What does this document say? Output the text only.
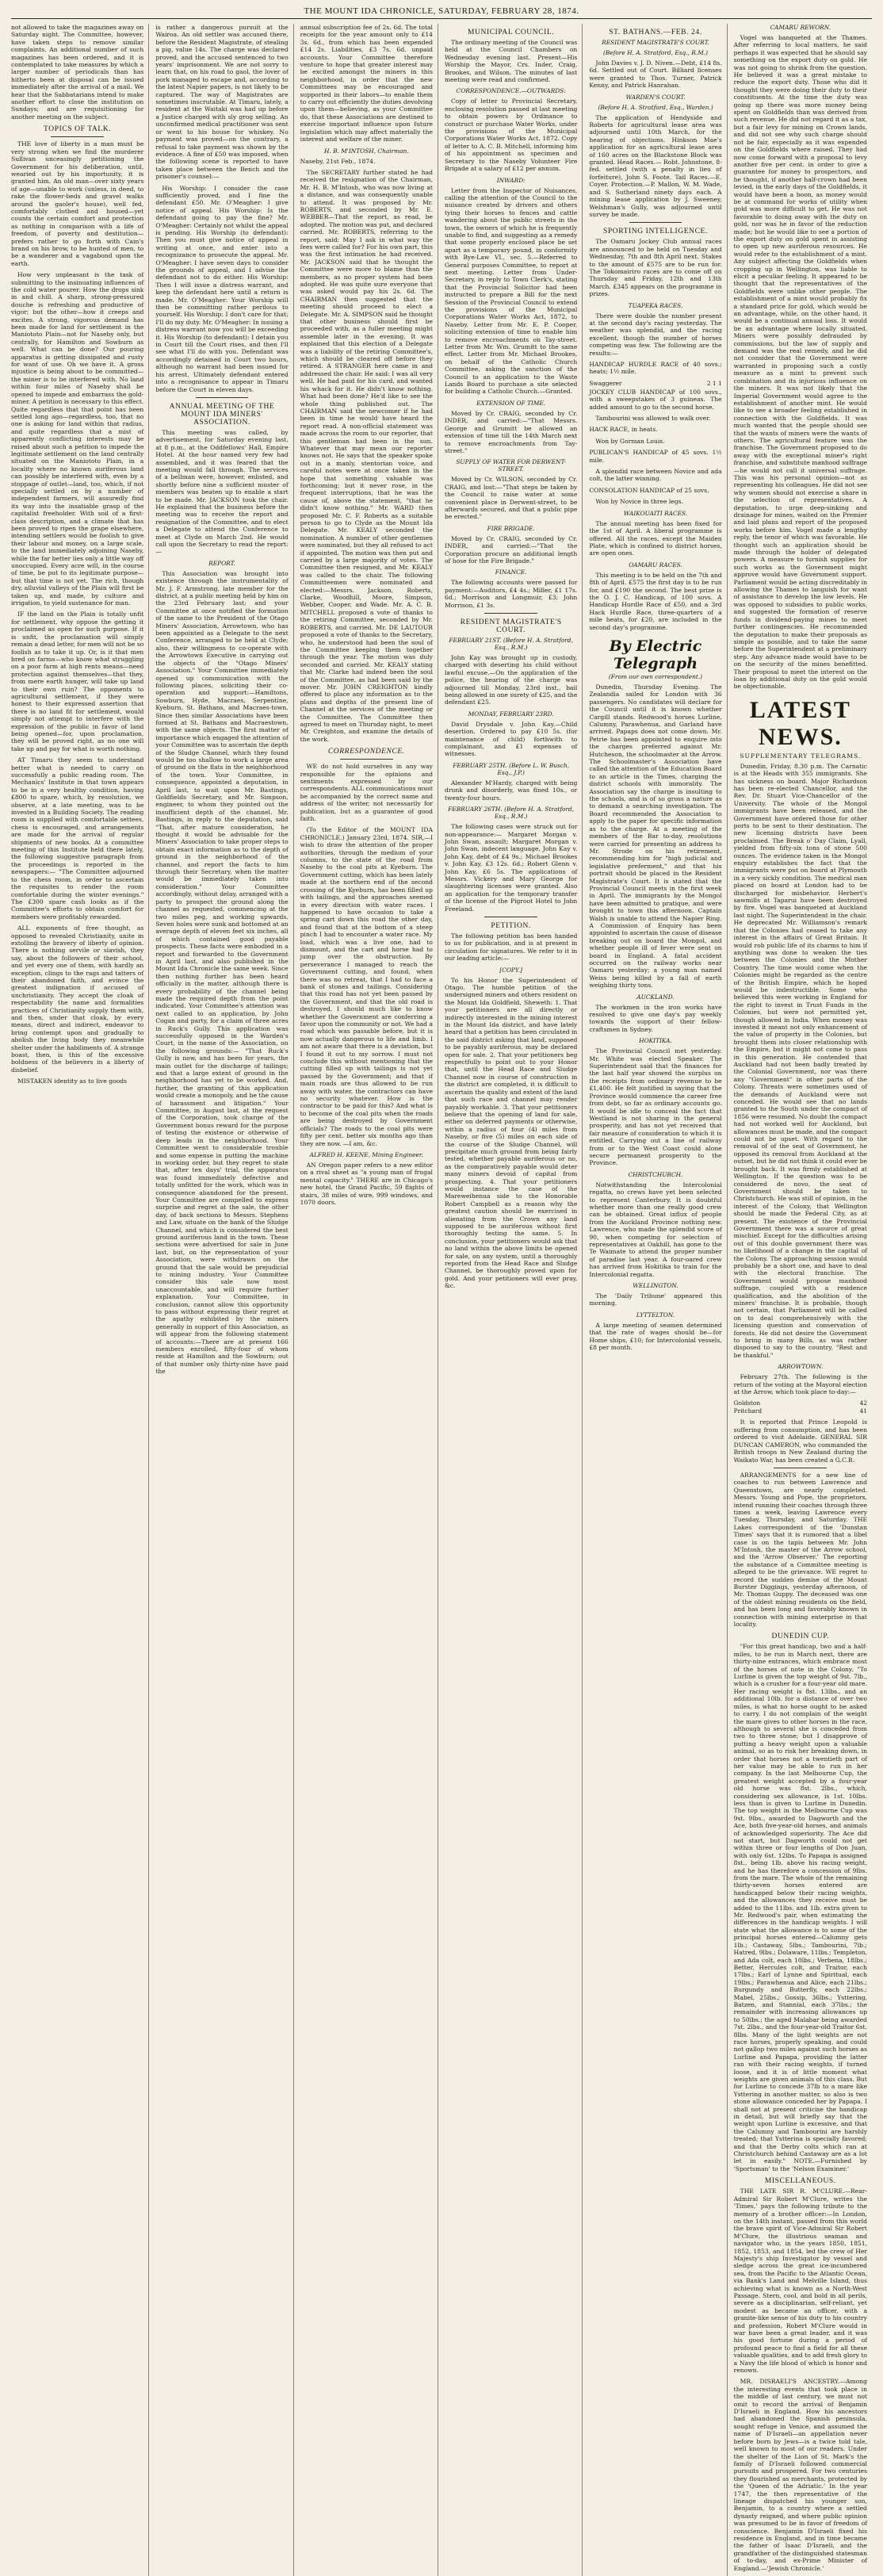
THE MOUNT IDA CHRONICLE, SATURDAY, FEBRUARY 28, 1874.

not allowed to take the magazines away on Saturday night. The Committee, however, have taken steps to remove similar complaints. An additional number of such magazines has been ordered, and it is contemplated to take measures by which a larger number of periodicals than has hitherto been at disposal can be issued immediately after the arrival of a mail. We hear that the Sabbatarians intend to make another effort to close the institution on Sundays; and are requisitioning for another meeting on the subject.

TOPICS OF TALK.

THE love of liberty in a man must be very strong when we find the murderer Sullivan unceasingly petitioning the Government for his deliberation, until, wearied out by his importunity, it is granted him. An old man—over sixty years of age—unable to work (unless, in deed, to rake the flower-beds and gravel walks around the gaoler's house), well fed, comfortably clothed and housed—yet counts the certain comfort and protection as nothing in comparison with a life of freedom, of poverty and destitution—prefers rather to go forth with Cain's brand on his brow, to be hunted of men, to be a wanderer and a vagabond upon the earth.

How very unpleasant is the task of submitting to the insinuating influences of the cold water pourer. How the drops sink in and chill. A sharp, strong-pressured douche is refreshing and productive of vigor; but the other—how it creeps and excites. A strong, vigorous demand has been made for land for settlement in the Maniototo Plain—not for Naseby only, but centrally, for Hamilton and Sowburn as well. What can be done? Our pouring apparatus is getting dissipated and rusty for want of use. Oh we have it. A gross injustice is being about to be committed—the miner is to be interfered with. No land within four miles of Naseby shall be opened to impede and embarrass the gold-miner. A petition is necessary to this effect. Quite regardless that that point has been settled long ago—regardless, too, that no one is asking for land within that radius, and quite regardless that a mist of apparently conflicting interests may be raised about such a petition to impede the legitimate settlement on the land centrally situated on the Maniototo Plain, in a locality where no known auriferous land can possibly be interfered with, even by a stoppage of outlet—land, too, which, if not specially settled on by a number of independent farmers, will assuredly find its way into the insatiable grasp of the capitalist freeholder. With soil of a first-class description, and a climate that has been proved to ripen the grape elsewhere, intending settlers would be foolish to give their labour and money, on a large scale, to the land immediately adjoining Naseby, while the far better lies only a little way off unoccupied. Every acre will, in the course of time, be put to its legitimate purpose—but that time is not yet. The rich, though dry, alluvial valleys of the Plain will first be taken up, and made, by culture and irrigation, to yield sustenance for man.

IF the land on the Plain is totally unfit for settlement, why oppose the getting it proclaimed as open for such purpose. If it is unfit, the proclamation will simply remain a dead letter, for men will not be so foolish as to take it up. Or, is it that men bred on farms—who know what struggling on a poor farm at high rents means—need protection against themselves—that they, from mere earth hunger, will take up land to their own ruin? The opponents to agricultural settlement, if they were honest to their expressed assertion that there is no land fit for settlement, would simply not attempt to interfere with the expression of the public in favor of land being opened—for, upon proclamation, they will be proved right, as no one will take up and pay for what is worth nothing.

AT Timaru they seem to understand better what is needed to carry on successfully a public reading room. The Mechanics' Institute in that town appears to be in a very healthy condition, having £800 to spare, which, by resolution, we observe, at a late meeting, was to be invested in a Building Society. The reading room is supplied with comfortable settees, chess is encouraged, and arrangements are made for the arrival of regular shipments of new books. At a committee meeting of this Institute held there lately, the following suggestive paragraph from the proceedings is reported in the newspapers:— "The Committee adjourned to the chess room, in order to ascertain the requisites to render the room comfortable during the winter evenings." The £300 spare cash looks as if the Committee's efforts to obtain comfort for members were profitably rewarded.

ALL exponents of free thought, as opposed to revealed Christianity, unite in extolling the bravery of liberty of opinion. There is nothing servile or slavish, they say, about the followers of their school, and yet every one of them, with hardly an exception, clings to the rags and tatters of their abandoned faith, and evince the greatest indignation if accused of unchristianity. They accept the cloak of respectability the name and formalities practices of Christianity supply them with, and then, under that cloak, by every means, direct and indirect, endeavor to bring contempt upon and gradually to abolish the living body they meanwhile shelter under the habiliments of. A strange boast, then, is this of the excessive boldness of the believers in a liberty of disbelief.

MISTAKEN identity as to live goods

is rather a dangerous pursuit at the Wairoa. An old settler was accused there, before the Resident Magistrate, of stealing a pig, value 14s. The charge was declared proved, and the accused sentenced to two years' imprisonment. We are not sorry to learn that, on his road to gaol, the lover of pork managed to escape and, according to the latest Napier papers, is not likely to be captured. The way of Magistrates are sometimes inscrutable. At Timaru, lately, a resident at the Waitaki was had up before a Justice charged with sly grog selling. An unconfirmed medical practitioner was sent or went to his house for whiskey. No payment was proved—on the contrary, a refusal to take payment was shown by the evidence. A fine of £50 was imposed, when the following scene is reported to have taken place between the Bench and the prisoner's counsel:—

His Worship: I consider the case sufficiently proved, and I fine the defendant £50. Mr. O'Meagher: I give notice of appeal. His Worship: Is the defendant going to pay the fine? Mr. O'Meagher: Certainly not whilst the appeal is pending. His Worship (to defendant): Then you must give notice of appeal in writing at once, and enter into a recognizance to prosecute the appeal. Mr. O'Meagher: I have seven days to consider the grounds of appeal, and I advise the defendant not to do either. His Worship: Then I will issue a distress warrant, and keep the defendant here until a return is made. Mr. O'Meagher: Your Worship will then be committing rather perilous to yourself. His Worship: I don't care for that; I'll do my duty. Mr. O'Meagher: In issuing a distress warrant now you will be exceeding it. His Worship (to defendant): I detain you in Court till the Court rises, and then I'll see what I'll do with you. Defendant was accordingly detained in Court two hours, although no warrant had been issued for his arrest. Ultimately defendant entered into a recognisance to appear in Timaru before the Court in eleven days.

ANNUAL MEETING OF THE MOUNT IDA MINERS' ASSOCIATION.

This meeting was called, by advertisement, for Saturday evening last, at 8 p.m., at the Oddfellows' Hall, Empire Hotel. At the hour named very few had assembled, and it was feared that the meeting would fall through. The services of a bellman were, however, enlisted, and shortly before nine a sufficient muster of members was beaten up to enable a start to be made. Mr. JACKSON took the chair. He explained that the business before the meeting was to receive the report and resignation of the Committee, and to elect a Delegate to attend the Conference to meet at Clyde on March 2nd. He would call upon the Secretary to read the report:—

REPORT.

This Association was brought into existence through the instrumentality of Mr. J. F. Armstrong, late member for the district, at a public meeting held by him on the 23rd February last; and your Committee at once notified the formation of the same to the President of the Otago Miners' Association, Arrowtown, who has been appointed as a Delegate to the next Conference, arranged to be held at Clyde; also, their willingness to co-operate with the Arrowtown Executive in carrying out the objects of the "Otago Miners' Association." Your Committee immediately opened up communication with the following places, soliciting their co-operation and support:—Hamiltons, Sowburn, Hyde, Macraes, Serpentine, Kyeburn, St. Bathans, and Macraes-town. Since then similar Associations have been formed at St. Bathans and Macraestown, with the same objects. The first matter of importance which engaged the attention of your Committee was to ascertain the depth of the Sludge Channel, which they found would be too shallow to work a large area of ground on the flats in the neighborhood of the town. Your Committee, in consequence, appointed a deputation, in April last, to wait upon Mr. Bastings, Goldfields Secretary, and Mr. Simpson, engineer, to whom they pointed out the insufficient depth of the channel. Mr. Bastings, in reply to the deputation, said "That, after mature consideration, he thought it would be advisable for the Miners' Association to take proper steps to obtain exact information as to the depth of ground in the neighborhood of the channel, and report the facts to him through their Secretary, when the matter would be immediately taken into consideration." Your Committee accordingly, without delay, arranged with a party to prospect the ground along the channel as requested, commencing at the two miles peg, and working upwards. Seven holes were sunk and bottomed at an average depth of eleven feet six inches, all of which contained good payable prospects. These facts were embodied in a report and forwarded to the Government in April last, and also published in the Mount Ida Chronicle the same week. Since then nothing further has been heard officially in the matter, although there is every probability of the channel being made the required depth from the point indicated. Your Committee's attention was next called to an application, by John Cogan and party, for a claim of three acres in Ruck's Gully. This application was successfully opposed in the Warden's Court, in the name of the Association, on the following grounds:— "That Ruck's Gully is now, and has been for years, the main outlet for the discharge of tailings; and that a large extent of ground in the neighborhood has yet to be worked. And, further, the granting of this application would create a monopoly, and be the cause of harassment and litigation." Your Committee, in August last, at the request of the Corporation, took charge of the Government bonus reward for the purpose of testing the existence or otherwise of deep leads in the neighborhood. Your Committee went to considerable trouble and some expense in putting the machine in working order, but they regret to state that, after ten days' trial, the apparatus was found immediately defective and totally unfitted for the work, which was in consequence abandoned for the present. Your Committee are compelled to express surprise and regret at the sale, the other day, of back sections to Messrs. Stephens and Law, situate on the bank of the Sludge Channel, and which is considered the best ground auriferous land in the town. These sections were advertised for sale in June last, but, on the representation of your Association, were withdrawn on the ground that the sale would be prejudicial to mining industry. Your Committee consider this sale now most unaccountable, and will require further explanation. Your Committee, in conclusion, cannot allow this opportunity to pass without expressing their regret at the apathy exhibited by the miners generally in support of this Association, as will appear from the following statement of accounts:—There are at present 166 members enrolled, fifty-four of whom reside at Hamilton and the Sowburn; out of that number only thirty-nine have paid the

annual subscription fee of 2s. 6d. The total receipts for the year amount only to £14 3s. 6d., from which has been expended £14 2s. Liabilities, £3 7s. 6d. unpaid accounts. Your Committee therefore venture to hope that greater interest may be excited amongst the miners in this neighborhood, in order that the new Committees may be encouraged and supported in their labors—to enable them to carry out efficiently the duties devolving upon them—believing, as your Committee do, that these Associations are destined to exercise important influence upon future legislation which may affect materially the interest and welfare of the miner.

H. B. M'INTOSH, Chairman.

Naseby, 21st Feb., 1874.

The SECRETARY further stated he had received the resignation of the Chairman, Mr. H. B. M'Intosh, who was now living at a distance, and was consequently unable to attend. It was proposed by Mr. ROBERTS, and seconded by Mr. E. WEBBER—That the report, as read, be adopted. The motion was put, and declared carried. Mr. ROBERTS, referring to the report, said: May I ask in what way the fees were called for? For his own part, this was the first intimation he had received. Mr. JACKSON said that he thought the Committee were more to blame than the members, as no proper system had been adopted. He was quite sure everyone that was asked would pay his 2s. 6d. The CHAIRMAN then suggested that the meeting should proceed to elect a Delegate. Mr. A. SIMPSON said he thought that other business should first be proceeded with, as a fuller meeting might assemble later in the evening. It was explained that this election of a Delegate was a liability of the retiring Committee's, which should be cleared off before they retired. A STRANGER here came in and addressed the chair. He said: I was all very well. He had paid for his card, and wanted his whack for it. He didn't know nothing. What had been done? He'd like to see the whole thing published out. The CHAIRMAN said the newcomer if he had been in time he would have heard the report read. A non-official statement was made across the room to our reporter, that this gentleman had been in the sun. Whatever that may mean our reporter knows not. He says that the speaker spoke out in a manly, stentorian voice, and careful notes were at once taken in the hope that something valuable was forthcoming; but it never rose, in the frequent interruptions, that he was the cause of, above the statement, "that he didn't know nothing." Mr. WARD then proposed Mr. C. F. Roberts as a suitable person to go to Clyde as the Mount Ida Delegate. Mr. KEALY seconded the nomination. A number of other gentlemen were nominated, but they all refused to act if appointed. The motion was then put and carried by a large majority of votes. The Committee then resigned, and Mr. KEALY was called to the chair. The following Committeemen were nominated and elected:—Messrs. Jackson, Roberts, Clarke, Woodhill, Moore, Simpson, Webber, Cooper, and Wade. Mr. A. C. B. MITCHELL proposed a vote of thanks to the retiring Committee, seconded by Mr. ROBERTS, and carried. Mr. DE LAUTOUR proposed a vote of thanks to the Secretary, who, he understood had been the soul of the Committee keeping them together through the year. The motion was duly seconded and carried. Mr. KEALY stating that Mr. Clarke had indeed been the soul of the Committee, as had been said by the mover. Mr. JOHN CREIGHTON kindly offered to place any information as to the plans and depths of the present line of Channel at the services of the meeting or the Committee. The Committee then agreed to meet on Thursday night, to meet Mr. Creighton, and examine the details of the work.

CORRESPONDENCE.

WE do not hold ourselves in any way responsible for the opinions and sentiments expressed by our correspondents. ALL communications must be accompanied by the correct name and address of the writer, not necessarily for publication, but as a guarantee of good faith.

(To the Editor of the MOUNT IDA CHRONICLE.) January 23rd, 1874. SIR,—I wish to draw the attention of the proper authorities, through the medium of your columns, to the state of the road from Naseby to the coal pits at Kyeburn. The Government cutting, which has been lately made at the northern end of the second crossing of the Kyeburn, has been filled up with tailings, and the approaches seemed in every direction with water races. I happened to have occasion to take a spring cart down this road the other day, and found that at the bottom of a steep pinch I had to encounter a water race. My load, which was a live one, had to dismount, and the cart and horse had to jump over the obstruction. By perseverance I managed to reach the Government cutting, and found, when there was no retreat, that I had to face a bank of stones and tailings. Considering that this road has not yet been passed by the Government, and that the old road is destroyed, I should much like to know whether the Government are conferring a favor upon the community or not. We had a road which was passable before, but it is now actually dangerous to life and limb. I am not aware that there is a deviation, but I found it out to my sorrow. I must not conclude this without mentioning that the cutting filled up with tailings is not yet passed by the Government; and that if main roads are thus allowed to be run away with water, the contractors can have no security whatever. How is the contractor to be paid for this? And what is to become of the coal pits when the roads are being destroyed by Government officials? The roads to the coal pits were fifty per cent. better six months ago than they are now. —I am, &c.

ALFRED H. KEENE, Mining Engineer.

AN Oregon paper refers to a new editor on a rival sheet as "a young man of frugal mental capacity." THERE are in Chicago's new hotel, the Grand Pacific, 59 flights of stairs, 38 miles of wire, 999 windows, and 1070 doors.

MUNICIPAL COUNCIL.

The ordinary meeting of the Council was held at the Council Chambers on Wednesday evening last. Present—His Worship the Mayor, Crs. Inder, Craig, Brookes, and Wilson. The minutes of last meeting were read and confirmed.

CORRESPONDENCE.—OUTWARDS:

Copy of letter to Provincial Secretary, enclosing resolution passed at last meeting to obtain powers by Ordinance to construct or purchase Water Works, under the provisions of the Municipal Corporations Water Works Act, 1872. Copy of letter to A. C. B. Mitchell, informing him of his appointment as specimen and Secretary to the Naseby Volunteer Fire Brigade at a salary of £12 per annum.

INWARD:

Letter from the Inspector of Nuisances, calling the attention of the Council to the nuisance created by drivers and others tying their horses to fences and cattle wandering about the public streets in the town, the owners of which he is frequently unable to find, and suggesting as a remedy that some properly enclosed place be set apart as a temporary pound, in conformity with Bye-Law VI., sec. 5.—Referred to General purposes Committee, to report at next meeting. Letter from Under-Secretary, in reply to Town Clerk's, stating that the Provincial Solicitor had been instructed to prepare a Bill for the next Session of the Provincial Council to extend the provisions of the Municipal Corporations Water Works Act, 1872, to Naseby. Letter from Mr. E. P. Cooper, soliciting extension of time to enable him to remove encroachments on Tay-street. Letter from Mr. Wm. Grumitt to the same effect. Letter from Mr. Michael Brookes, on behalf of the Catholic Church Committee, asking the sanction of the Council to an application to the Waste Lands Board to purchase a site selected for building a Catholic Church.—Granted.

EXTENSION OF TIME.

Moved by Cr. CRAIG, seconded by Cr. INDER, and carried:—"That Messrs. George and Grumitt be allowed an extension of time till the 14th March next to remove encroachments from Tay-street."

SUPPLY OF WATER FOR DERWENT-STREET.

Moved by Cr. WILSON, seconded by Cr. CRAIG, and lost:—"That steps be taken by the Council to raise water at some convenient place in Derwent-street, to be afterwards secured, and that a public pipe be erected."

FIRE BRIGADE.

Moved by Cr. CRAIG, seconded by Cr. INDER, and carried:—"That the Corporation procure an additional length of hose for the Fire Brigade."

FINANCE.

The following accounts were passed for payment:—Auditors, £4 4s.; Miller, £1 17s. 6d.; Morrison and Longmuir, £3; John Morrison, £1 3s.

RESIDENT MAGISTRATE'S COURT.
FEBRUARY 21ST. (Before H. A. Stratford, Esq., R.M.)

John Kay was brought up in custody, charged with deserting his child without lawful excuse.—On the application of the police, the hearing of the charge was adjourned till Monday, 23rd inst., bail being allowed in one surety of £25, and the defendant £25.

MONDAY, FEBRUARY 23RD.

David Drysdale v. John Kay.—Child desertion. Ordered to pay £10 5s. (for maintenance of child) forthwith to complainant, and £1 expenses of witnesses.

FEBRUARY 25TH. (Before L. W. Busch, Esq., J.P.)

Alexander M'Hardy, charged with being drunk and disorderly, was fined 10s., or twenty-four hours.

FEBRUARY 26TH. (Before H. A. Stratford, Esq., R.M.)

The following cases were struck out for non-appearance:— Margaret Morgan v. John Swan, assault; Margaret Morgan v. John Swan, indecent language, John Kay v. John Kay, debt of £4 9s.; Michael Brookes v. John Kay, £3 12s. 6d.; Robert Glenn v. John Kay, £6 5s. The applications of Messrs. Vickery and Mary George for slaughtering licenses were granted. Also an application for the temporary transfer of the license of the Pigroot Hotel to John Freeland.

PETITION.

The following petition has been handed to us for publication, and is at present in circulation for signatures. We refer to it in our leading article:—

[COPY.]

To his Honor the Superintendent of Otago. The humble petition of the undersigned miners and others resident on the Mount Ida Goldfield, Sheweth: 1. That your petitioners are all directly or indirectly interested in the mining interest in the Mount Ida district, and have lately heard that a petition has been circulated in the said district asking that land, supposed to be payably auriferous, may be declared open for sale. 2. That your petitioners beg respectfully to point out to your Honor that, until the Head Race and Sludge Channel now in course of construction in the district are completed, it is difficult to ascertain the quality and extent of the land that such race and channel may render payably workable. 3. That your petitioners believe that the opening of land for sale, either on deferred payments or otherwise, within a radius of four (4) miles from Naseby, or five (5) miles on each side of the course of the Sludge Channel, will precipitate much ground from being fairly tested, whether payable auriferous or no, as the comparatively payable would deter many miners devoid of capital from prospecting. 4. That your petitioners would instance the case of the Mareweihenua side to the Honorable Robert Campbell as a reason why the greatest caution should be exercised in alienating from the Crown any land supposed to be auriferous without first thoroughly testing the same. 5. In conclusion, your petitioners would ask that no land within the above limits be opened for sale, on any system, until a thoroughly reported from the Head Race and Sludge Channel, be thoroughly proved upon for gold. And your petitioners will ever pray, &c.

ST. BATHANS.—FEB. 24.
RESIDENT MAGISTRATE'S COURT.
(Before H. A. Stratford, Esq., R.M.)

John Davies v. J. D. Niven.—Debt, £14 8s. 6d. Settled out of Court. Billiard licenses were granted to Thos. Turner, Patrick Kenny, and Patrick Hanrahan.

WARDEN'S COURT.
(Before H. A. Stratford, Esq., Warden.)

The application of Hendyside and Roberts for agricultural lease area was adjourned until 10th March, for the hearing of objections. Hinkson Mae's application for an agricultural lease area of 160 acres on the Blackstone Block was granted. Head Races.— Robt. Johnstone, 8-fed. settled (with a penalty in lieu of forfeiture), John S. Foote. Tail Races.—E. Coyer. Protection.—P. Mallon, W. M. Wade, and S. Sutherland ninety days each. A mining lease application by J. Sweeney, Welshman's Gully, was adjourned until survey be made.

SPORTING INTELLIGENCE.

The Oamaru Jockey Club annual races are announced to be held on Tuesday and Wednesday, 7th and 8th April next. Stakes to the amount of £575 are to be run for. The Tokomairiro races are to come off on Thursday and Friday, 12th and 13th March. £345 appears on the programme in prizes.

TUAPEKA RACES.

There were double the number present at the second day's racing yesterday. The weather was splendid, and the racing excellent, though the number of horses competing was few. The following are the results:—

HANDICAP HURDLE RACE of 40 sovs.; heats; 1½ mile.

Swaggerer	2 1 1

JOCKEY CLUB HANDICAP of 100 sovs., with a sweepstakes of 3 guineas. The added amount to go to the second horse.

Tambourini was allowed to walk over.

HACK RACE, in heats.

Won by Gorman Louis.

PUBLICAN'S HANDICAP of 45 sovs. 1½ mile.

A splendid race between Novice and ada colt, the latter winning.

CONSOLATION HANDICAP of 25 sovs.

Won by Novice in three legs.

WAIKOUAITI RACES.

The annual meeting has been fixed for the 1st of April. A liberal programme is offered. All the races, except the Maiden Plate, which is confined to district horses, are open ones.

OAMARU RACES.

This meeting is to be held on the 7th and 8th of April. £575 the first day is to be run for, and £190 the second. The best prize is the O. J. C. Handicap, of 100 sovs. A Handicap Hurdle Race of £50, and a 3rd Hack Hurdle Race, three-quarters of a mile heats, for £20, are included in the second day's programme.

By Electric Telegraph
(From our own correspondent.)

Dunedin, Thursday Evening. The Zealandia sailed for London with 36 passengers. No candidates will declare for the Council until it is known whether Cargill stands. Redwood's horses Lurline, Calumny, Parawhenua, and Garland have arrived. Papaps does not come down. Mr. Petrie has been appointed to enquire into the charges preferred against Mr. Hutcheson, the schoolmaster at the Arrow. The Schoolmaster's Association have called the attention of the Education Board to an article in the Times, charging the district schools with immorality. The Association say the charge is insulting to the schools, and is of so gross a nature as to demand a searching investigation. The Board recommended the Association to apply to the paper for specific information as to the charge. At a meeting of the members of the Bar to-day, resolutions were carried for presenting an address to Mr. Strode on his retirement, recommending him for "high judicial and legislative preferment," and that his portrait should be placed in the Resident Magistrate's Court. It is stated that the Provincial Council meets in the first week in April. The immigrants by the Mongol have been admitted to pratique, and were brought to town this afternoon. Captain Walsh is unable to attend the Napier Ring. A Commission of Enquiry has been appointed to ascertain the cause of disease breaking out on board the Mongol, and whether people ill of fever were sent on board in England. A fatal accident occurred on the railway works near Oamaru yesterday; a young man named Weiss being killed by a fall of earth weighing thirty tons.

AUCKLAND.

The workmen in the iron works have resolved to give one day's pay weekly towards the support of their fellow-craftsmen in Sydney.

HOKITIKA.

The Provincial Council met yesterday. Mr. White was elected Speaker. The Superintendent said that the finances for the last half year showed the surplus on the receipts from ordinary revenue to be £1,400. He felt justified in saying that the Province would commence the career free from debt, so far as ordinary accounts go. It would be idle to conceal the fact that Westland is not sharing in the general prosperity, and has not yet received that fair measure of consideration to which it is entitled. Carrying out a line of railway from or to the West Coast could alone secure permanent prosperity to the Province.

CHRISTCHURCH.

Notwithstanding the Intercolonial regatta, no crews have yet been selected to represent Canterbury. It is doubtful whether more than one really good crew can be obtained. Great influx of people from the Auckland Province nothing new. Lawrence, who made the splendid score of 90, when competing for selection of representatives at Oakhill, has gone to the Te Waimate to attend the proper number of paradise last year. A four-oared crew has arrived from Hokitika to train for the Intercolonial regatta.

WELLINGTON.

The 'Daily Tribune' appeared this morning.

LYTTELTON.

A large meeting of seamen determined that the rate of wages should be—for Home ships, £10; for Intercolonial vessels, £8 per month.

CAMARU REWORN.

Vogel was banqueted at the Thames. After referring to local matters, he said perhaps it was expected that he should say something on the export duty on gold. He was not going to shrink from the question. He believed it was a great mistake to reduce the export duty. Those who did it thought they were doing their duty to their constituents. At the time the duty was going up there was more money being spent on Goldfields than was derived from such revenue. He did not regard it as a tax, but a fair levy for mining on Crown lands, and did not see why such charge should not be fair, especially as it was expended on the Goldfields where raised. They had now come forward with a proposal to levy another five per cent. in order to give a guarantee for money to prospectors, and he thought, if another half-crown had been levied, in the early days of the Goldfields, it would have been a boon, as money would be at command for works of utility when gold was more difficult to get. He was not favorable to doing away with the duty on gold, nor was he in favor of the reduction made; but he would like to see a portion of the export duty on gold spent in assisting to open up new auriferous resources. He would refer to the establishment of a mint. Any subject affecting the Goldfields when cropping up in Wellington, was liable to elicit a peculiar feeling. It appeared to be thought that the representatives of the Goldfields were unlike other people. The establishment of a mint would probably fix a standard price for gold, which would be an advantage, while, on the other hand, it would be a continual annual loss. It would be an advantage where locally situated. Miners were possibly defrauded by commissions, but the law of supply and demand was the real remedy, and he did not consider that the Government were warranted in proposing such a costly measure as a mint to prevent such combination and its injurious influence on the miners. It was not likely that the Imperial Government would agree to the establishment of another mint. He would like to see a broader feeling established in connection with the Goldfields. It was much wanted that the people should see that the wants of miners were the wants of others. The agricultural feature was the franchise. The Government proposed to do away with the exceptional miner's right franchise, and substitute manhood suffrage—he would not call it universal suffrage. This was his personal opinion—not as representing his colleagues. He did not see why women should not exercise a share in the selection of representatives. A deputation, to urge deep-sinking and drainage for mines, waited on the Premier and laid plans and report of the proposed works before him. Vogel made a lengthy reply, the tenor of which was favorable. He thought such an application should be made through the holder of delegated powers. A measure to furnish supplies for such works as the Government might approve would have Government support. Parliament would be acting discreditably in allowing the Thames to languish for want of assistance to develop the low levels. He was opposed to subsidies to public works, and suggested the formation of reserve funds in dividend-paying mines to meet further contingencies. He recommended the deputation to make their proposals as simple as possible, and to take the same before the Superintendent at a preliminary step. Any advance made would have to be on the security of the mines benefitted. Their proposal to meet the interest on the loan by additional duty on the gold would be objectionable.

LATEST NEWS.
SUPPLEMENTARY TELEGRAMS.

Dunedin, Friday, 8.30 p.m. The Carnatic is at the Heads with 355 immigrants. She has sickness on board. Major Richardson has been re-elected Chancellor, and the Rev. Dr. Stuart Vice-Chancellor of the University. The whole of the Mongol immigrants have been released, and the Government have ordered those for other ports to be sent to their destination. The new licensing districts have been proclaimed. The Break o' Day Claim, Lyall, yielded from fifty-six tons of stone 500 ounces. The evidence taken in the Mongol enquiry establishes the fact that the immigrants were put on board at Plymouth in a very sickly condition. The medical man placed on board at London had to be discharged for misbehavior. Herbert's sawmills at Taparui have been destroyed by fire. Vogel was banqueted at Auckland last night. The Superintendent in the chair. He deprecated Mr. Williamson's remark that the Colonies had ceased to take any interest in the affairs of Great Britain. It would rob public life of its charms to him if anything was done to weaken the ties between the Colonies and the Mother Country. The time would come when the Colonies might be regarded as the centre of the British Empire, which he hoped would be indestructible. Some who believed this were working in England for the right to invest in Trust Funds in the Colonies, but were not permitted yet, though allowed in India. When money was invested it meant not only enhancement of the value of property in the Colonies, but brought them into closer relationship with the Empire, but it might not come to pass in this generation. He contended that Auckland had not been badly treated by the Colonial Government, nor was there any "Government" in other parts of the Colony. Threats were sometimes used of the demands of Auckland were not conceded. He would see that no lands granted to the South under the compact of 1856 were resumed. No doubt the compact had not worked well for Auckland, but allowances must be made, and the compact could not be upset. With regard to the removal of of the seat of Government, he opposed its removal from Auckland at the outset, but he did not think it could ever be brought back. It was firmly established at Wellington. If the question was to be considered de novo, the seat of Government should be taken to Christchurch. He was still of opinion, in the interest of the Colony, that Wellington should be made the Federal City, as at present. The existence of the Provincial Government there was a source of great mischief. Except for the difficulties arising out of this double government there was no likelihood of a change in the capital of the Colony. The approaching session would probably be a short one, and have to deal with the electoral franchise. The Government would propose manhood suffrage, coupled with a residence qualification, and the abolition of the miners' franchise. It is probable, though not certain, that Parliament will be called on to deal comprehensively with the licensing question and conservation of forests. He did not desire the Government to bring in many Bills, as was rather disposed to say to the country, "Rest and be thankful."

ARROWTOWN.

February 27th. The following is the return of the voting at the Mayoral election at the Arrow, which took place to-day:—

Goldston	42
Pritchard	41

It is reported that Prince Leopold is suffering from consumption, and has been ordered to visit Adelaide. GENERAL SIR DUNCAN CAMERON, who commanded the British troops in New Zealand during the Waikato War, has been created a G.C.B.

ARRANGEMENTS for a new line of coaches to run between Lawrence and Queenstown, are nearly completed. Messrs. Young and Pope, the proprietors, intend running their coaches through three times a week, leaving Lawrence every Tuesday, Thursday, and Saturday. THE Lakes correspondent of the 'Dunstan Times' says that it is rumored that a libel case is on the tapis between Mr. John M'Intosh, the master of the Arrow school, and the 'Arrow Observer.' The reporting the substance of a Committee meeting is alleged to be the grievance. WE regret to record the sudden demise of the Mount Burster Diggings, yesterday afternoon, of Mr. Thomas Guppy. The deceased was one of the oldest mining residents on the field, and has been long and favorably known in connection with mining enterprise in that locality.

DUNEDIN CUP.

"For this great handicap, two and a half-miles, to be run in March next, there are thirty-nine entrances, which embrace most of the horses of note in the Colony. "To Lurline is given the top weight of 9st. 7lb., which is a crusher for a four-year old mare. Her racing weight is 8st. 13lbs., and an additional 10lb. for a distance of over two miles, is what no horse ought to be asked to carry. I do not complain of the weight the mare gives to other horses in the race, although to several she is conceded from two to three stone; but I disapprove of putting a heavy weight upon a valuable animal, so as to risk her breaking down, in order that horses not a twentieth part of her value may be able to run in her company. In the last Melbourne Cup, the greatest weight accepted by a four-year old horse was 8st. 2lbs., which, considering sex allowance, is 1st. 10lbs. less than is given to Lurline in Dunedin. The top weight in the Melbourne Cup was 9st. 9lbs., awarded to Dagworth and the Ace, both five-year-old horses, and animals of acknowledged superiority. The Ace did not start, but Dagworth could not get within three or four lengths of Don Juan, with only 6st. 12lbs. To Papapa is assigned 8st., being 1lb. above his racing weight, and he has therefore a concession of 9lbs. from the mare. The whole of the remaining thirty-seven horses entered are handicapped below their racing weights, and the allowances they receive must be added to the 11lbs. and 1lb. extra given to Mr. Redwood's pair, when estimating the differences in the handicap weights. I will state what the allowance is to some of the principal horses entered—Calumny gets 1lb.; Castaway, 5lbs.; Tambourini, 7lb.; Hatred, 9lbs.; Dolaware, 11lbs.; Templeton, and Ada colt, each 10lbs.; Verbena, 18lbs.; Better, Hercules colt, and Traitor, each 17lbs.; Earl of Lynne and Spiritual, each 19lbs.; Parawhenua and Alice, each 21lbs.; Burgundy and Butterfly, each 22lbs.; Mabel, 25lbs.; Gossip, 36lbs.; Ysttering, Batzen, and Stannial, each 37lbs.; the remainder with increasing allowances up to 50lbs.; the aged Malabar being awarded 7st. 2lbs., and the four-year-old Traitor 6st. 8lbs. Many of the light weights are not race horses, properly speaking, and could not gallop two miles against such horses as Lurline and Papapa, providing the latter ran with their racing weights, if turned loose, and it is of little moment what weights are given animals of this class. But for Lurline to concede 37lb to a mare like Ysttering in another matter, so also is two stone allowance conceded her by Papapa. I shall not at present criticise the handicap in detail, but will briefly say that the weight upon Lurline is excessive, and that the Calumny and Tambourini are harshly treated; that Ystterina is specially favored; and that the Derby colts which ran at Christchurch behind Castaway are as a lot let in easily." NOTE.—Furnished by 'Sportsman' to the 'Nelson Examiner.'

MISCELLANEOUS.

THE LATE SIR R. M'CLURE.—Rear-Admiral Sir Robert M'Clure, writes the 'Times,' pays the following tribute to the memory of a brother officer:—In London, on the 14th instant, passed from this world the brave spirit of Vice-Admiral Sir Robert M'Clure, the illustrious seaman and navigator who, in the years 1850, 1851, 1852, 1853, and 1854, led the crew of Her Majesty's ship Investigator by vessel and sledge across the great ice-incumbered sea, from the Pacific to the Atlantic Ocean, via Bank's Land and Melville Island, thus achieving what is known as a North-West Passage. Stern, cool, and bold in all perils, severe as a disciplinarian, self-reliant, yet modest as became an officer, with a granite-like sense of his duty to his country and profession, Robert M'Clure would in war have been a great leader, and it was his good fortune during a period of profound peace to find a field for all these valuable qualities, and to add fresh glory to a Navy the life blood of which is honor and renown.

MR. DISRAELI'S ANCESTRY.—Among the interesting events that took place in the middle of last century, we must not omit to record the arrival of Benjamin D'Israeli in England. How his ancestors had abandoned the Spanish peninsula, sought refuge in Venice, and assumed the name of D'Israeli—an appellation never before born by Jews—is a twice told tale, well known to most of our readers. Under the shelter of the Lion of St. Mark's the family of D'Israeli followed commercial pursuits and prospered. For two centuries they flourished as merchants, protected by the 'Queen of the Adriatic.' In the year 1747, the then representative of the lineage dispatched his younger son, Benjamin, to a country where a settled dynasty reigned, and where public opinion was presumed to be in favor of freedom of conscience. Benjamin D'Israeli fixed his residence in England, and in time became the father of Isaac D'Israeli, and the grandfather of the distinguished statesman of to-day, and ex-Prime Minister of England.—'Jewish Chronicle.'
